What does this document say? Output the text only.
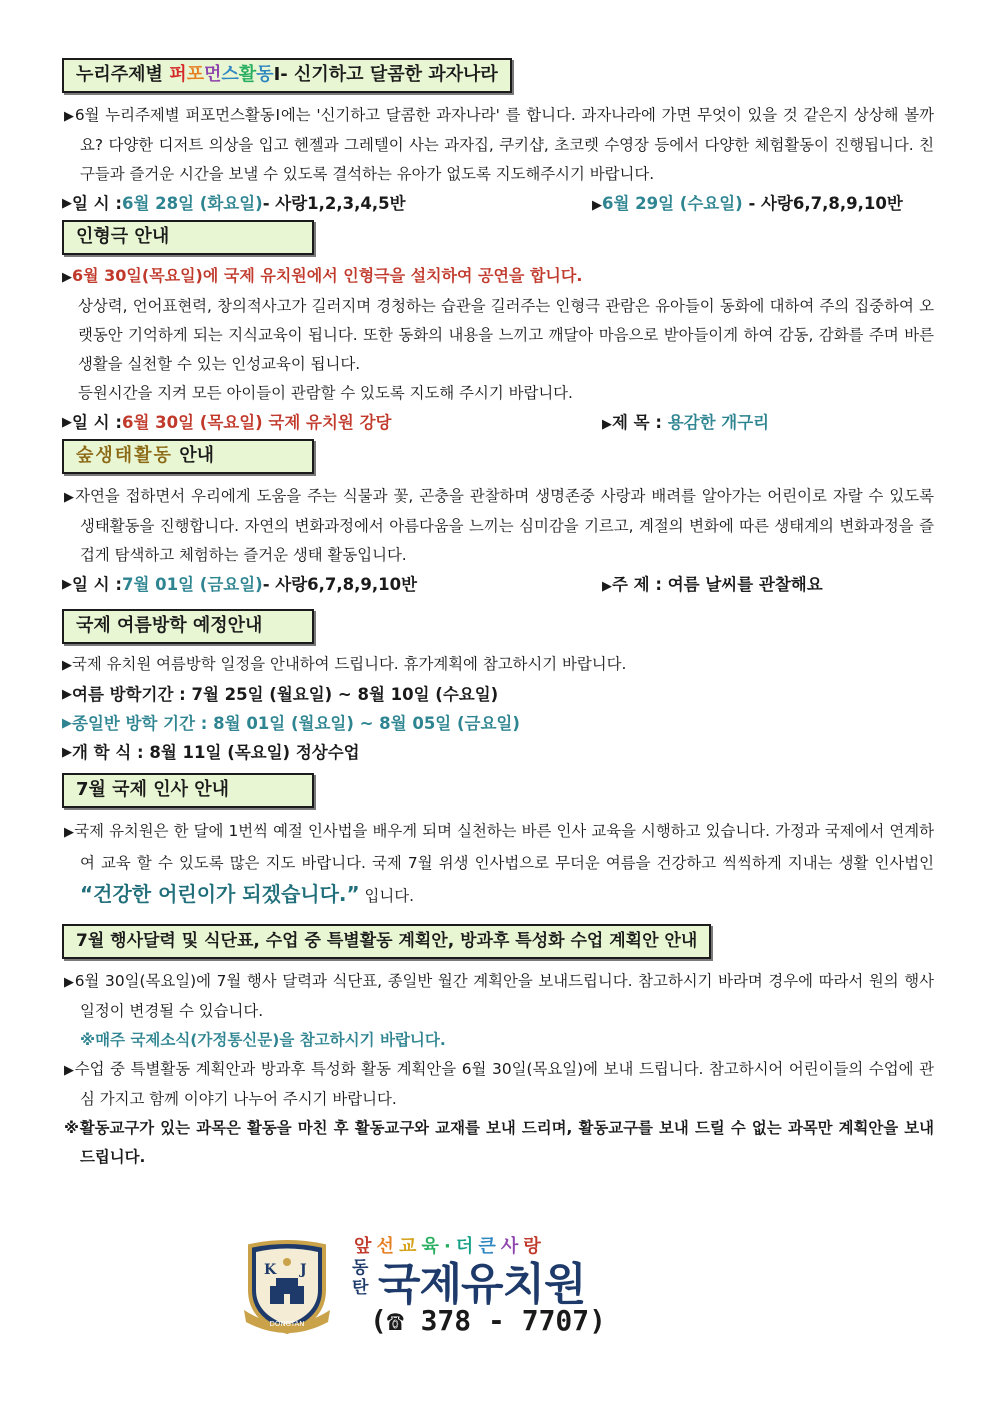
누리주제별 퍼포먼스활동Ⅰ- 신기하고 달콤한 과자나라

▶6월 누리주제별 퍼포먼스활동Ⅰ에는 '신기하고 달콤한 과자나라' 를 합니다. 과자나라에 가면 무엇이 있을 것 같은지 상상해 볼까요? 다양한 디저트 의상을 입고 헨젤과 그레텔이 사는 과자집, 쿠키샵, 초코렛 수영장 등에서 다양한 체험활동이 진행됩니다. 친구들과 즐거운 시간을 보낼 수 있도록 결석하는 유아가 없도록 지도해주시기 바랍니다.

▶ 일 시 : 6월 28일 (화요일) - 사랑1,2,3,4,5반	▶6월 29일 (수요일) - 사랑6,7,8,9,10반
인형극 안내

▶6월 30일(목요일)에 국제 유치원에서 인형극을 설치하여 공연을 합니다.

상상력, 언어표현력, 창의적사고가 길러지며 경청하는 습관을 길러주는 인형극 관람은 유아들이 동화에 대하여 주의 집중하여 오랫동안 기억하게 되는 지식교육이 됩니다. 또한 동화의 내용을 느끼고 깨달아 마음으로 받아들이게 하여 감동, 감화를 주며 바른생활을 실천할 수 있는 인성교육이 됩니다.

등원시간을 지켜 모든 아이들이 관람할 수 있도록 지도해 주시기 바랍니다.

▶ 일 시 : 6월 30일 (목요일) 국제 유치원 강당	▶제 목 : 용감한 개구리
숲생태활동 안내

▶자연을 접하면서 우리에게 도움을 주는 식물과 꽃, 곤충을 관찰하며 생명존중 사랑과 배려를 알아가는 어린이로 자랄 수 있도록 생태활동을 진행합니다. 자연의 변화과정에서 아름다움을 느끼는 심미감을 기르고, 계절의 변화에 따른 생태계의 변화과정을 즐겁게 탐색하고 체험하는 즐거운 생태 활동입니다.

▶ 일 시 : 7월 01일 (금요일) - 사랑6,7,8,9,10반	▶주 제 : 여름 날씨를 관찰해요
국제 여름방학 예정안내

▶국제 유치원 여름방학 일정을 안내하여 드립니다. 휴가계획에 참고하시기 바랍니다.

▶ 여름 방학기간 : 7월 25일 (월요일) ~ 8월 10일 (수요일)
▶ 종일반 방학 기간 : 8월 01일 (월요일) ~ 8월 05일 (금요일)
▶ 개 학 식 : 8월 11일 (목요일) 정상수업
7월 국제 인사 안내

▶국제 유치원은 한 달에 1번씩 예절 인사법을 배우게 되며 실천하는 바른 인사 교육을 시행하고 있습니다. 가정과 국제에서 연계하여 교육 할 수 있도록 많은 지도 바랍니다. 국제 7월 위생 인사법으로 무더운 여름을 건강하고 씩씩하게 지내는 생활 인사법인 “건강한 어린이가 되겠습니다.” 입니다.

7월 행사달력 및 식단표, 수업 중 특별활동 계획안, 방과후 특성화 수업 계획안 안내

▶6월 30일(목요일)에 7월 행사 달력과 식단표, 종일반 월간 계획안을 보내드립니다. 참고하시기 바라며 경우에 따라서 원의 행사 일정이 변경될 수 있습니다.

※매주 국제소식(가정통신문)을 참고하시기 바랍니다.

▶수업 중 특별활동 계획안과 방과후 특성화 활동 계획안을 6월 30일(목요일)에 보내 드립니다. 참고하시어 어린이들의 수업에 관심 가지고 함께 이야기 나누어 주시기 바랍니다.

※활동교구가 있는 과목은 활동을 마친 후 활동교구와 교재를 보내 드리며, 활동교구를 보내 드릴 수 없는 과목만 계획안을 보내 드립니다.

K J
DONGTAN
앞 선 교 육 · 더 큰 사 랑
동
탄 국제유치원
(☎ 378 - 7707)
